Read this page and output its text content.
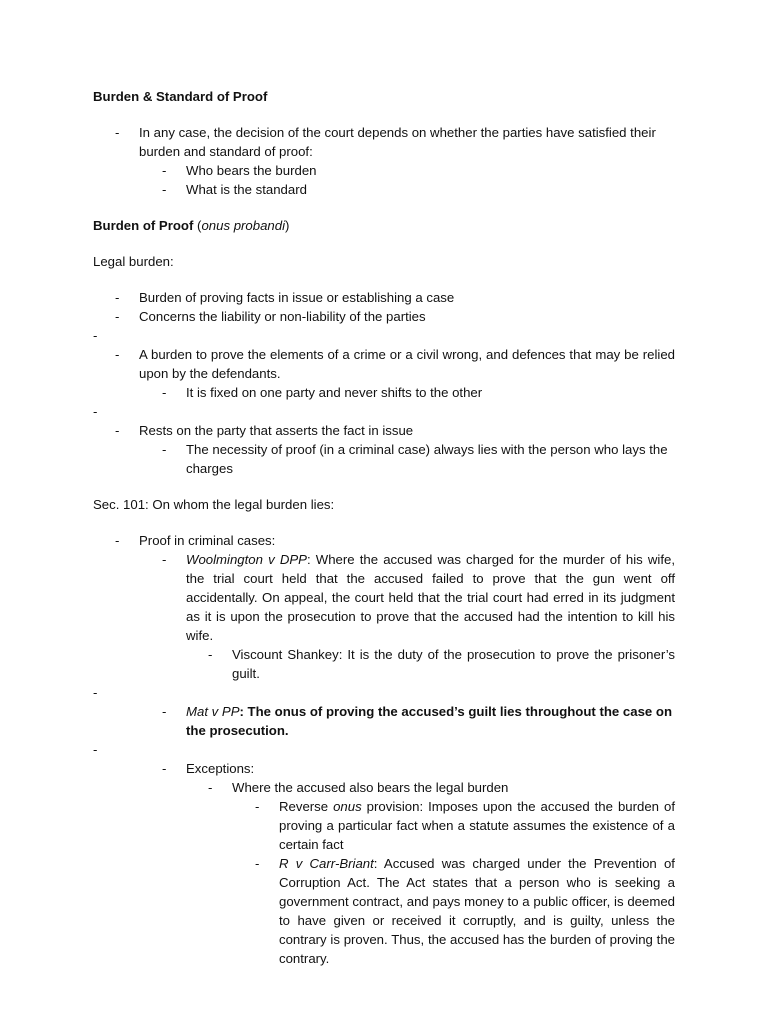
Burden & Standard of Proof

- In any case, the decision of the court depends on whether the parties have satisfied their burden and standard of proof:
- Who bears the burden
- What is the standard

Burden of Proof (onus probandi)

Legal burden:

- Burden of proving facts in issue or establishing a case
- Concerns the liability or non-liability of the parties
-
- A burden to prove the elements of a crime or a civil wrong, and defences that may be relied upon by the defendants.
- It is fixed on one party and never shifts to the other
-
- Rests on the party that asserts the fact in issue
- The necessity of proof (in a criminal case) always lies with the person who lays the charges

Sec. 101: On whom the legal burden lies:

- Proof in criminal cases:
- Woolmington v DPP: Where the accused was charged for the murder of his wife, the trial court held that the accused failed to prove that the gun went off accidentally. On appeal, the court held that the trial court had erred in its judgment as it is upon the prosecution to prove that the accused had the intention to kill his wife.
- Viscount Shankey: It is the duty of the prosecution to prove the prisoner’s guilt.
-
- Mat v PP: The onus of proving the accused’s guilt lies throughout the case on the prosecution.
-
- Exceptions:
- Where the accused also bears the legal burden
- Reverse onus provision: Imposes upon the accused the burden of proving a particular fact when a statute assumes the existence of a certain fact
- R v Carr-Briant: Accused was charged under the Prevention of Corruption Act. The Act states that a person who is seeking a government contract, and pays money to a public officer, is deemed to have given or received it corruptly, and is guilty, unless the contrary is proven. Thus, the accused has the burden of proving the contrary.
